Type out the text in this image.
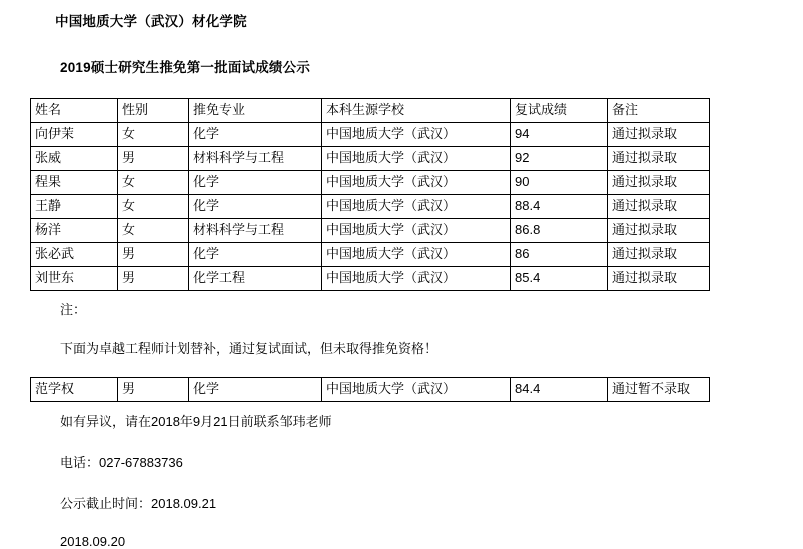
中国地质大学（武汉）材化学院
2019硕士研究生推免第一批面试成绩公示
姓名	性别	推免专业	本科生源学校	复试成绩	备注
向伊茉	女	化学	中国地质大学（武汉）	94	通过拟录取
张威	男	材料科学与工程	中国地质大学（武汉）	92	通过拟录取
程果	女	化学	中国地质大学（武汉）	90	通过拟录取
王静	女	化学	中国地质大学（武汉）	88.4	通过拟录取
杨洋	女	材料科学与工程	中国地质大学（武汉）	86.8	通过拟录取
张必武	男	化学	中国地质大学（武汉）	86	通过拟录取
刘世东	男	化学工程	中国地质大学（武汉）	85.4	通过拟录取
注：
下面为卓越工程师计划替补，通过复试面试，但未取得推免资格！
范学权	男	化学	中国地质大学（武汉）	84.4	通过暂不录取
如有异议，请在2018年9月21日前联系邹玮老师
电话：027-67883736
公示截止时间：2018.09.21
2018.09.20
